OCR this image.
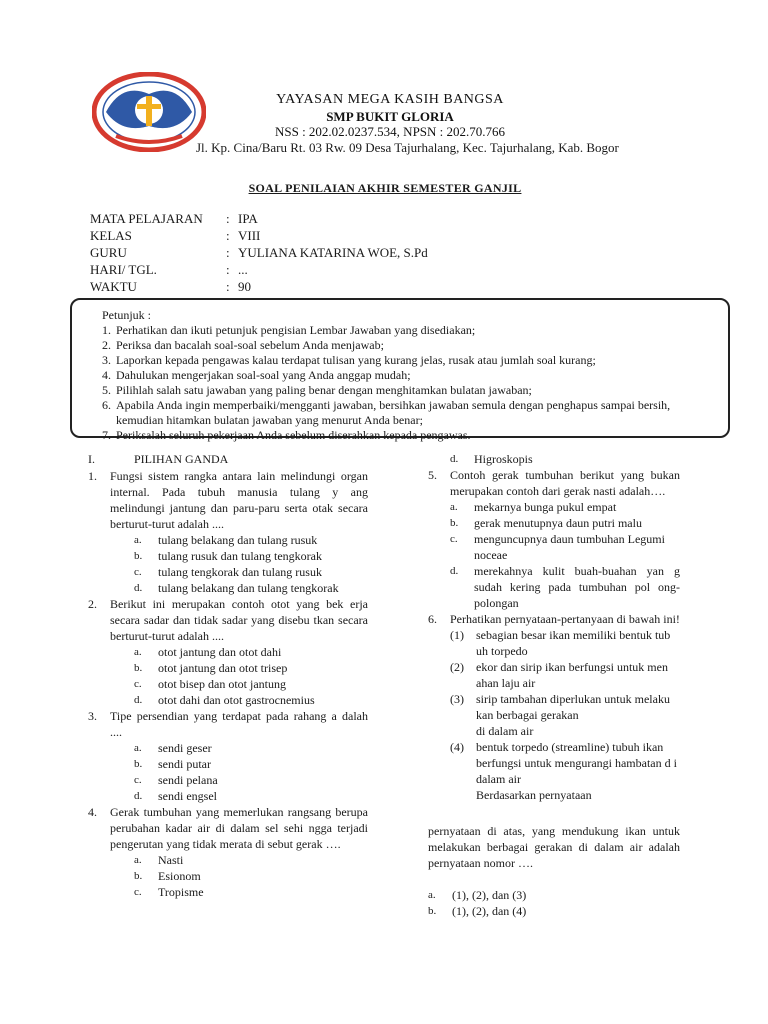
YAYASAN MEGA KASIH BANGSA
SMP BUKIT GLORIA
NSS : 202.02.0237.534, NPSN : 202.70.766
Jl. Kp. Cina/Baru Rt. 03 Rw. 09 Desa Tajurhalang, Kec. Tajurhalang, Kab. Bogor
SOAL PENILAIAN AKHIR SEMESTER GANJIL
MATA PELAJARAN	: IPA
KELAS	: VIII
GURU	: YULIANA KATARINA WOE, S.Pd
HARI/ TGL.	: ...
WAKTU	: 90
Petunjuk :
1. Perhatikan dan ikuti petunjuk pengisian Lembar Jawaban yang disediakan;
2. Periksa dan bacalah soal-soal sebelum Anda menjawab;
3. Laporkan kepada pengawas kalau terdapat tulisan yang kurang jelas, rusak atau jumlah soal kurang;
4. Dahulukan mengerjakan soal-soal yang Anda anggap mudah;
5. Pilihlah salah satu jawaban yang paling benar dengan menghitamkan bulatan jawaban;
6. Apabila Anda ingin memperbaiki/mengganti jawaban, bersihkan jawaban semula dengan penghapus sampai bersih, kemudian hitamkan bulatan jawaban yang menurut Anda benar;
7. Periksalah seluruh pekerjaan Anda sebelum diserahkan kepada pengawas.
I.	PILIHAN GANDA
1.	Fungsi sistem rangka antara lain melindungi organ internal. Pada tubuh manusia tulang y ang melindungi jantung dan paru-paru serta otak secara berturut-turut adalah ....
a.	tulang belakang dan tulang rusuk
b.	tulang rusuk dan tulang tengkorak
c.	tulang tengkorak dan tulang rusuk
d.	tulang belakang dan tulang tengkorak
2.	Berikut ini merupakan contoh otot yang bek erja secara sadar dan tidak sadar yang disebu tkan secara berturut-turut adalah ....
a.	otot jantung dan otot dahi
b.	otot jantung dan otot trisep
c.	otot bisep dan otot jantung
d.	otot dahi dan otot gastrocnemius
3.	Tipe persendian yang terdapat pada rahang a dalah ....
a.	sendi geser
b.	sendi putar
c.	sendi pelana
d.	sendi engsel
4.	Gerak tumbuhan yang memerlukan rangsang berupa perubahan kadar air di dalam sel sehi ngga terjadi pengerutan yang tidak merata di sebut gerak ….
a.	Nasti
b.	Esionom
c.	Tropisme
d.	Higroskopis
5.	Contoh gerak tumbuhan berikut yang bukan merupakan contoh dari gerak nasti adalah….
a.	mekarnya bunga pukul empat
b.	gerak menutupnya daun putri malu
c.	menguncupnya daun tumbuhan Legumi noceae
d.	merekahnya kulit buah-buahan yan g sudah kering pada tumbuhan pol ong-polongan
6.	Perhatikan pernyataan-pertanyaan di bawah ini!
(1)	sebagian besar ikan memiliki bentuk tub uh torpedo
(2)	ekor dan sirip ikan berfungsi untuk men ahan laju air
(3)	sirip tambahan diperlukan untuk melaku kan berbagai gerakan
di dalam air
(4)	bentuk torpedo (streamline) tubuh ikan berfungsi untuk mengurangi hambatan d i dalam air
Berdasarkan pernyataan
pernyataan di atas, yang mendukung ikan untuk melakukan berbagai gerakan di dalam air adalah pernyataan nomor ….
a.	(1), (2), dan (3)
b.	(1), (2), dan (4)
